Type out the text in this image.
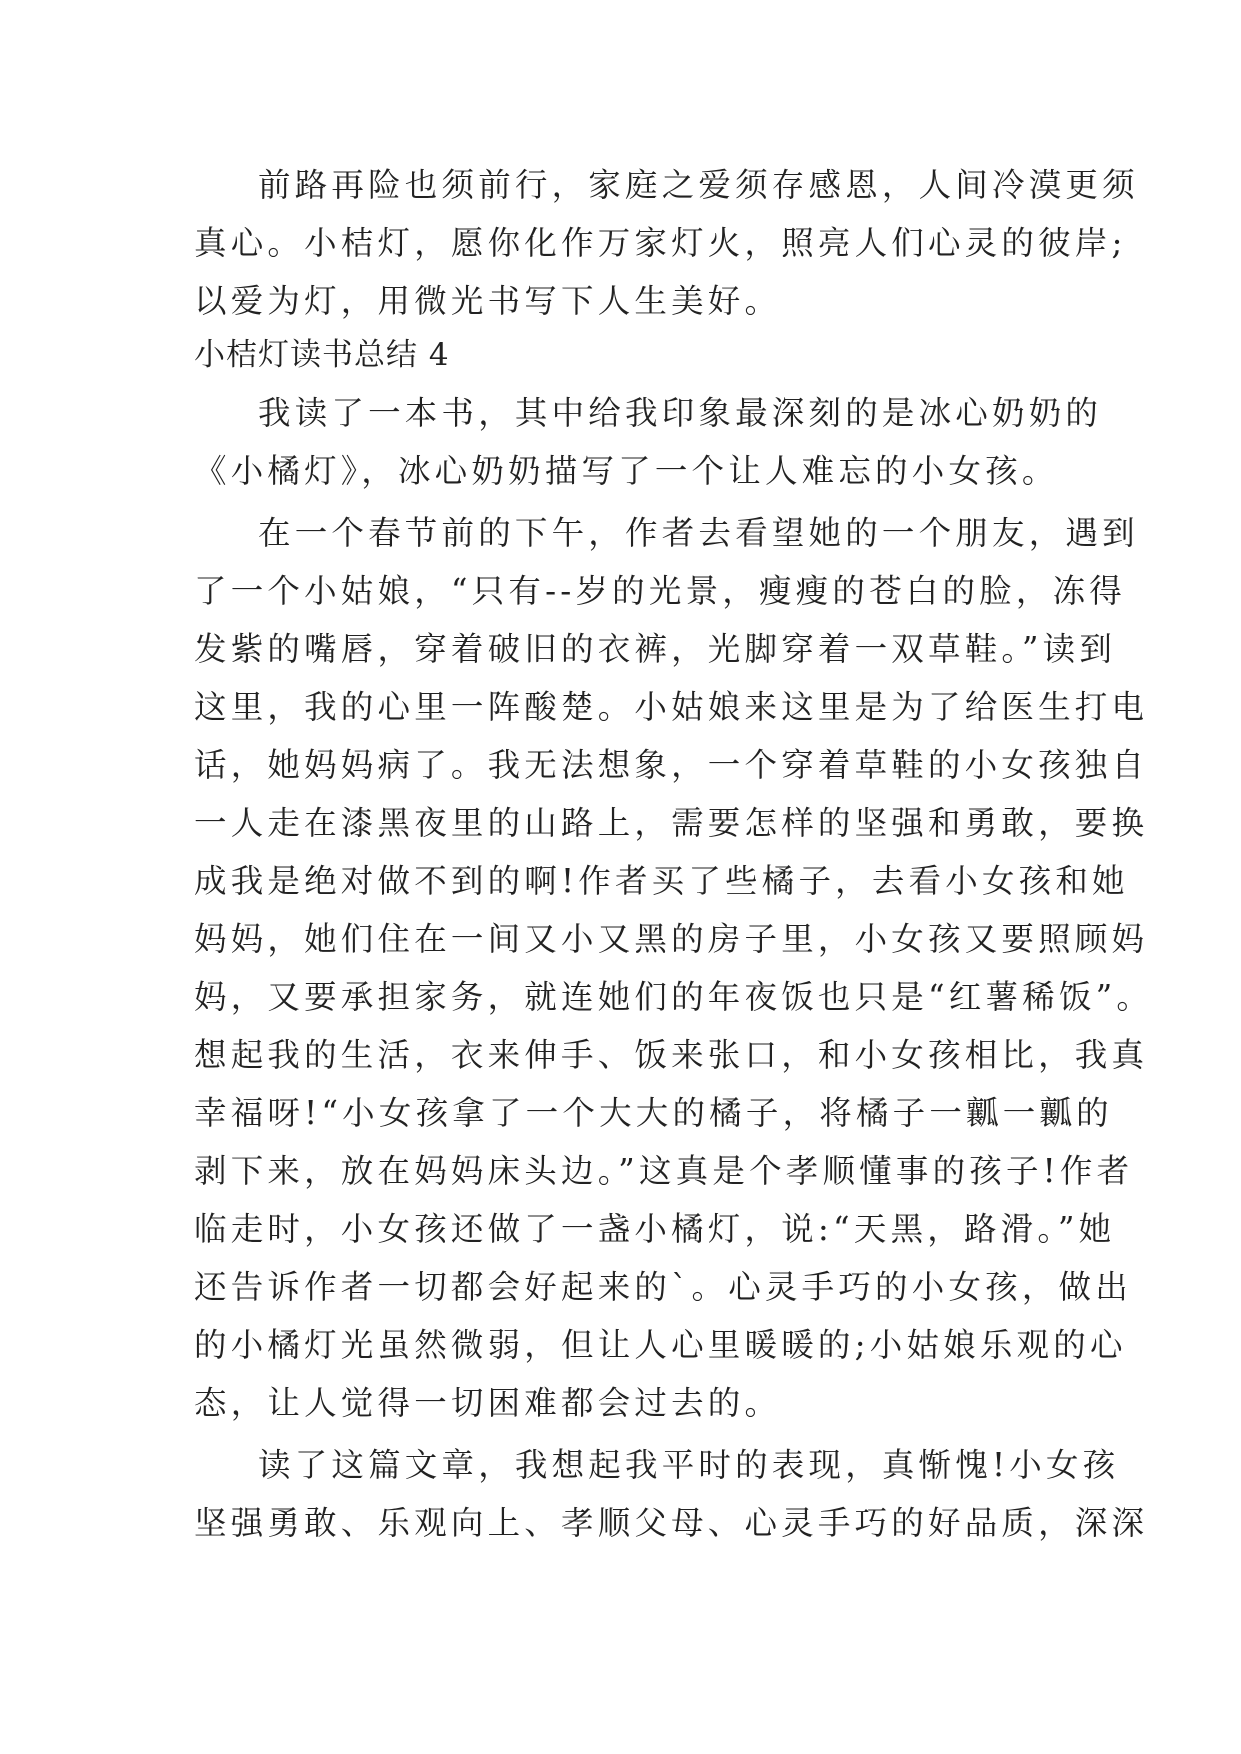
前路再险也须前行，家庭之爱须存感恩，人间冷漠更须
真心。小桔灯，愿你化作万家灯火，照亮人们心灵的彼岸;
以爱为灯，用微光书写下人生美好。
小桔灯读书总结 4
我读了一本书，其中给我印象最深刻的是冰心奶奶的
《小橘灯》，冰心奶奶描写了一个让人难忘的小女孩。
在一个春节前的下午，作者去看望她的一个朋友，遇到
了一个小姑娘，“只有--岁的光景，瘦瘦的苍白的脸，冻得
发紫的嘴唇，穿着破旧的衣裤，光脚穿着一双草鞋。”读到
这里，我的心里一阵酸楚。小姑娘来这里是为了给医生打电
话，她妈妈病了。我无法想象，一个穿着草鞋的小女孩独自
一人走在漆黑夜里的山路上，需要怎样的坚强和勇敢，要换
成我是绝对做不到的啊!作者买了些橘子，去看小女孩和她
妈妈，她们住在一间又小又黑的房子里，小女孩又要照顾妈
妈，又要承担家务，就连她们的年夜饭也只是“红薯稀饭”。
想起我的生活，衣来伸手、饭来张口，和小女孩相比，我真
幸福呀!“小女孩拿了一个大大的橘子，将橘子一瓤一瓤的
剥下来，放在妈妈床头边。”这真是个孝顺懂事的孩子!作者
临走时，小女孩还做了一盏小橘灯，说:“天黑，路滑。”她
还告诉作者一切都会好起来的`。心灵手巧的小女孩，做出
的小橘灯光虽然微弱，但让人心里暖暖的;小姑娘乐观的心
态，让人觉得一切困难都会过去的。
读了这篇文章，我想起我平时的表现，真惭愧!小女孩
坚强勇敢、乐观向上、孝顺父母、心灵手巧的好品质，深深
